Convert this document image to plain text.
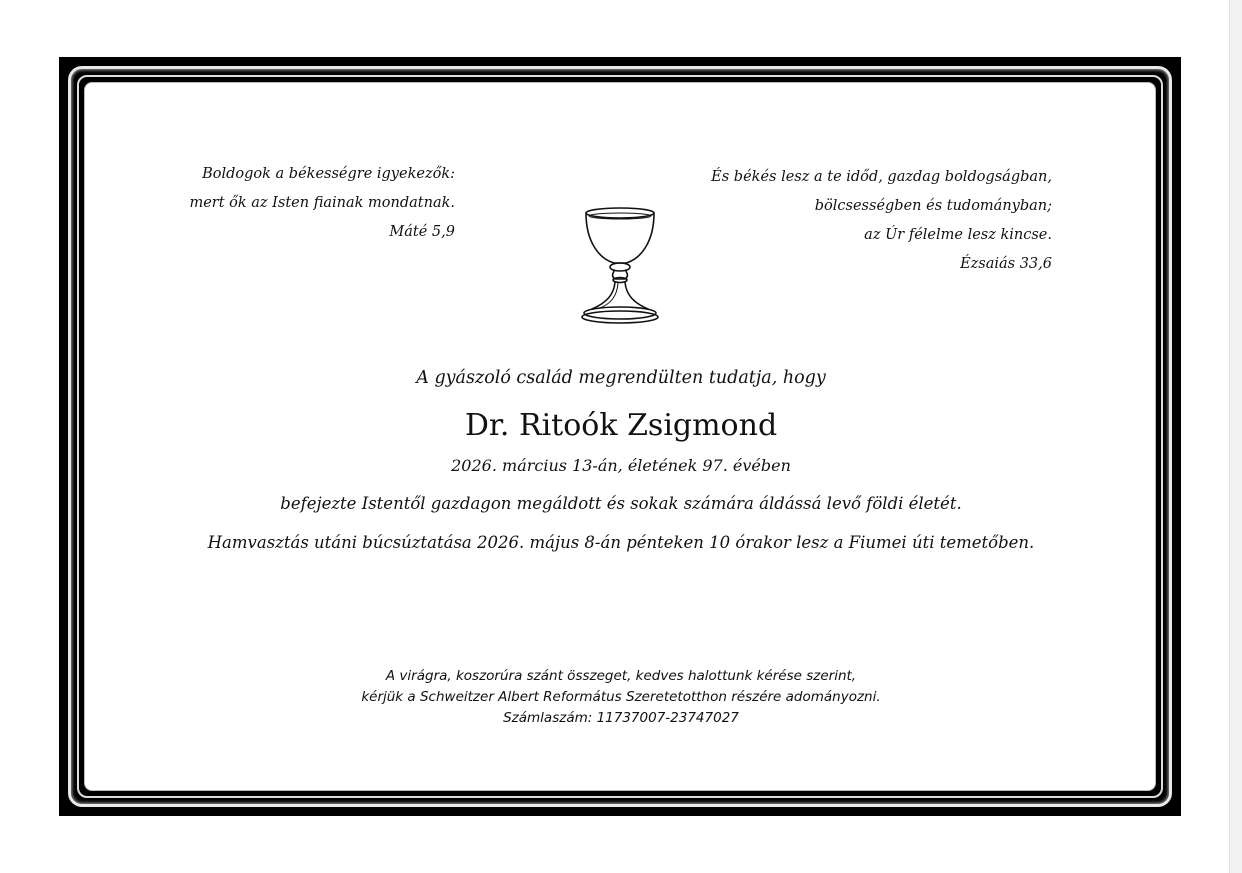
Boldogok a békességre igyekezők:
mert ők az Isten fiainak mondatnak.
Máté 5,9
És békés lesz a te időd, gazdag boldogságban,
bölcsességben és tudományban;
az Úr félelme lesz kincse.
Ézsaiás 33,6
A gyászoló család megrendülten tudatja, hogy
Dr. Ritoók Zsigmond
2026. március 13-án, életének 97. évében
befejezte Istentől gazdagon megáldott és sokak számára áldássá levő földi életét.
Hamvasztás utáni búcsúztatása 2026. május 8-án pénteken 10 órakor lesz a Fiumei úti temetőben.
A virágra, koszorúra szánt összeget, kedves halottunk kérése szerint,
kérjük a Schweitzer Albert Református Szeretetotthon részére adományozni.
Számlaszám: 11737007-23747027
